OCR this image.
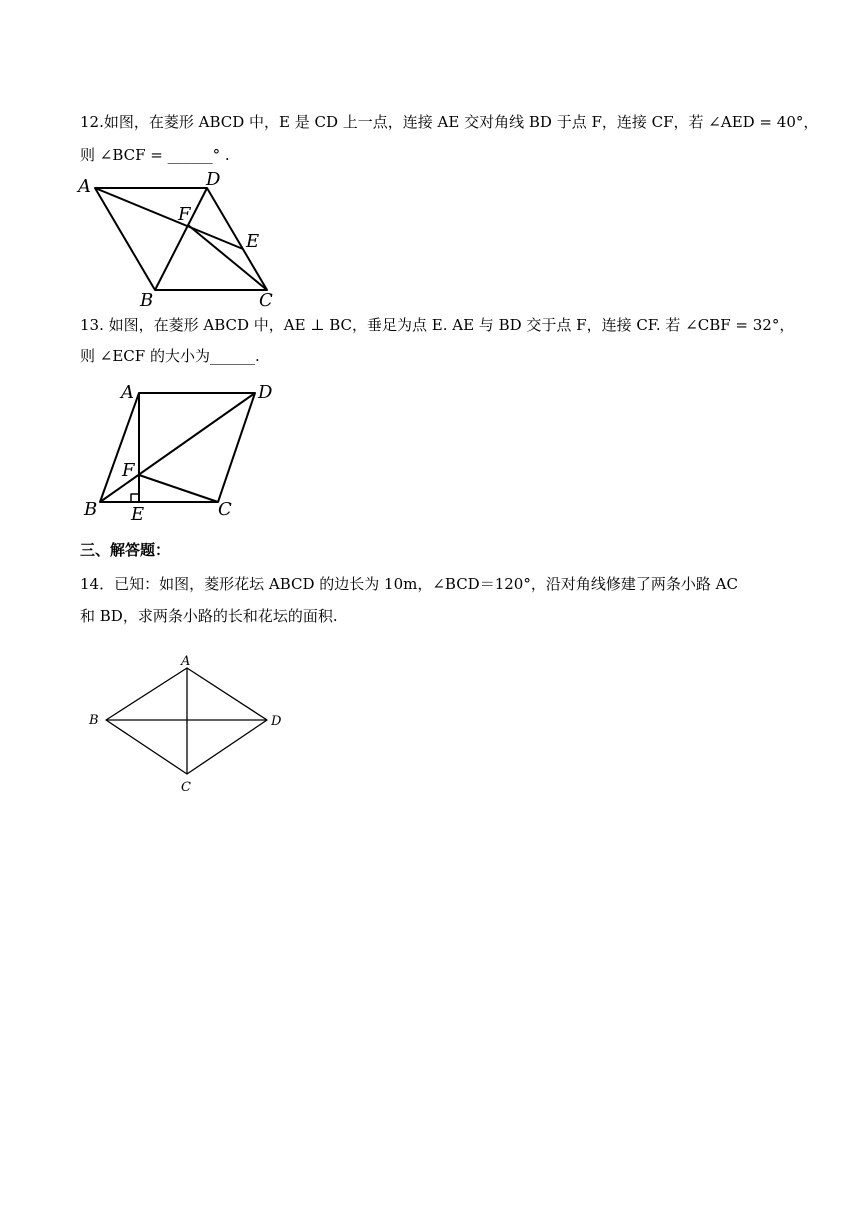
12.如图，在菱形 ABCD 中，E 是 CD 上一点，连接 AE 交对角线 BD 于点 F，连接 CF，若 ∠AED = 40°，
则 ∠BCF = ______° .
A	D
F
E
B	C
13. 如图，在菱形 ABCD 中，AE ⊥ BC，垂足为点 E. AE 与 BD 交于点 F，连接 CF. 若 ∠CBF = 32°，
则 ∠ECF 的大小为______.
A	D
F
B E	C
三、解答题：
14．已知：如图，菱形花坛 ABCD 的边长为 10m，∠BCD＝120°，沿对角线修建了两条小路 AC
和 BD，求两条小路的长和花坛的面积.
A
B	D
C
